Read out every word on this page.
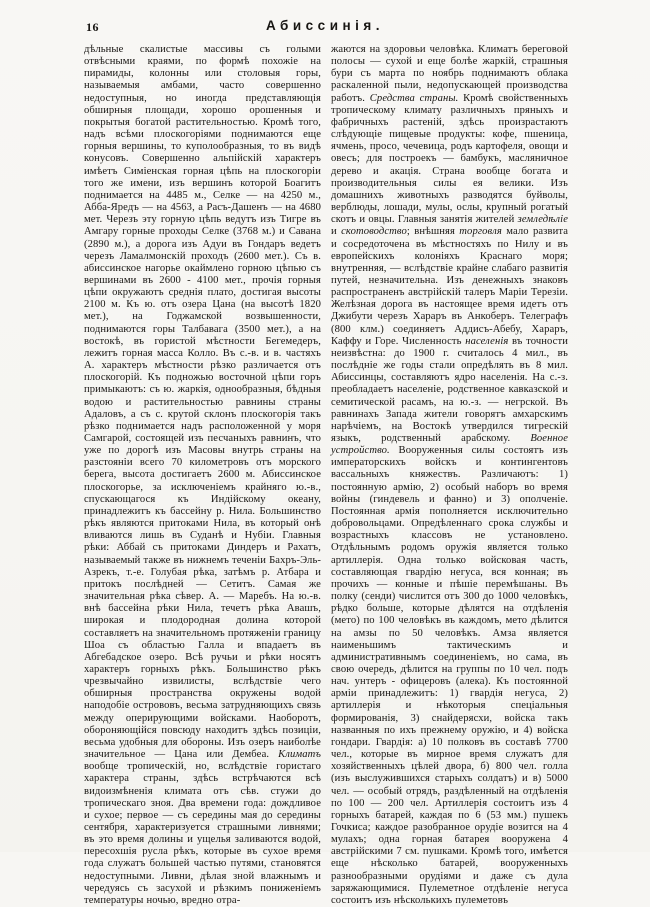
16	Абиссинія.
дѣльные скалистые массивы съ голыми отвѣсными краями, по формѣ похожіе на пирамиды, колонны или столовыя горы, называемыя амбами, часто совершенно недоступныя, но иногда представляющія обширныя площади, хорошо орошенныя и покрытыя богатой растительностью. Кромѣ того, надъ всѣми плоскогоріями поднимаются еще горныя вершины, то куполообразныя, то въ видѣ конусовъ. Совершенно альпійскій характеръ имѣетъ Симіенская горная цѣпь на плоскогоріи того же имени, изъ вершинъ которой Боагитъ поднимается на 4485 м., Селке — на 4250 м., Абба-Яредъ — на 4563, а Расъ-Дашенъ — на 4680 мет. Черезъ эту горную цѣпь ведутъ изъ Тигре въ Амгару горные проходы Селке (3768 м.) и Савана (2890 м.), а дорога изъ Адуи въ Гондаръ ведетъ черезъ Ламалмонскій проходъ (2600 мет.). Съ в. абиссинское нагорье окаймлено горною цѣпью съ вершинами въ 2600 - 4100 мет., прочія горныя цѣпи окружаютъ среднія плато, достигая высоты 2100 м. Къ ю. отъ озера Цана (на высотѣ 1820 мет.), на Годжамской возвышенности, поднимаются горы Талбавага (3500 мет.), а на востокѣ, въ гористой мѣстности Бегемедеръ, лежитъ горная масса Колло. Въ с.-в. и в. частяхъ А. характеръ мѣстности рѣзко различается отъ плоскогорій. Къ подножью восточной цѣпи горъ примыкаютъ: съ ю. жаркія, однообразныя, бѣдныя водою и растительностью равнины страны Адаловъ, а съ с. крутой склонъ плоскогорія такъ рѣзко поднимается надъ расположенной у моря Самгарой, состоящей изъ песчаныхъ равнинъ, что уже по дорогѣ изъ Масовы внутрь страны на разстояніи всего 70 километровъ отъ морского берега, высота достигаетъ 2600 м. Абиссинское плоскогорье, за исключеніемъ крайняго ю.-в., спускающагося къ Индійскому океану, принадлежитъ къ бассейну р. Нила. Большинство рѣкъ являются притоками Нила, въ который онѣ вливаются лишь въ Суданѣ и Нубіи. Главныя рѣки: Аббай съ притоками Диндеръ и Рахатъ, называемый также въ нижнемъ теченіи Бахръ-Эль-Азрекъ, т.-е. Голубая рѣка, затѣмъ р. Атбара и притокъ послѣдней — Сетитъ. Самая же значительная рѣка сѣвер. А. — Маребъ. На ю.-в. внѣ бассейна рѣки Нила, течетъ рѣка Авашъ, широкая и плодородная долина которой составляетъ на значительномъ протяженіи границу Шоа съ областью Галла и впадаетъ въ Абгебадское озеро. Всѣ ручьи и рѣки носятъ характеръ горныхъ рѣкъ. Большинство рѣкъ чрезвычайно извилисты, вслѣдствіе чего обширныя пространства окружены водой наподобіе острововъ, весьма затрудняющихъ связь между оперирующими войсками. Наоборотъ, обороняющійся повсюду находитъ здѣсь позиціи, весьма удобныя для обороны. Изъ озеръ наиболѣе значительное — Цана или Дембеа. Климатъ вообще тропическій, но, вслѣдствіе гористаго характера страны, здѣсь встрѣчаются всѣ видоизмѣненія климата отъ сѣв. стужи до тропическаго зноя. Два времени года: дождливое и сухое; первое — съ середины мая до середины сентября, характеризуется страшными ливнями; въ это время долины и ущелья заливаются водой, пересохшія русла рѣкъ, которые въ сухое время года служатъ большей частью путями, становятся недоступными. Ливни, дѣлая зной влажнымъ и чередуясь съ засухой и рѣзкимъ пониженіемъ температуры ночью, вредно отра-
жаются на здоровьи человѣка. Климатъ береговой полосы — сухой и еще болѣе жаркій, страшныя бури съ марта по ноябрь поднимаютъ облака раскаленной пыли, недопускающей производства работъ. Средства страны. Кромѣ свойственныхъ тропическому климату различныхъ пряныхъ и фабричныхъ растеній, здѣсь произрастаютъ слѣдующіе пищевые продукты: кофе, пшеница, ячмень, просо, чечевица, родъ картофеля, овощи и овесъ; для построекъ — бамбукъ, масляничное дерево и акація. Страна вообще богата и производительныя силы ея велики. Изъ домашнихъ животныхъ разводятся буйволы, верблюды, лошади, мулы, ослы, крупный рогатый скотъ и овцы. Главныя занятія жителей земледѣліе и скотоводство; внѣшняя торговля мало развита и сосредоточена въ мѣстностяхъ по Нилу и въ европейскихъ колоніяхъ Краснаго моря; внутренняя, — вслѣдствіе крайне слабаго развитія путей, незначительна. Изъ денежныхъ знаковъ распространенъ австрійскій талеръ Маріи Терезіи. Желѣзная дорога въ настоящее время идетъ отъ Джибути черезъ Хараръ въ Анкоберъ. Телеграфъ (800 клм.) соединяетъ Аддисъ-Абебу, Хараръ, Каффу и Горе. Численность населенія въ точности неизвѣстна: до 1900 г. считалось 4 мил., въ послѣдніе же годы стали опредѣлять въ 8 мил. Абиссинцы, составляютъ ядро населенія. На с.-з. преобладаетъ населеніе, родственное кавказской и семитической расамъ, на ю.-з. — негрской. Въ равнинахъ Запада жители говорятъ амхарскимъ нарѣчіемъ, на Востокѣ утвердился тигрескій языкъ, родственный арабскому. Военное устройство. Вооруженныя силы состоятъ изъ императорскихъ войскъ и контингентовъ вассальныхъ княжествъ. Различаютъ: 1) постоянную армію, 2) особый наборъ во время войны (гиндевель и фанно) и 3) ополченіе. Постоянная армія пополняется исключительно добровольцами. Опредѣленнаго срока службы и возрастныхъ классовъ не установлено. Отдѣльнымъ родомъ оружія является только артиллерія. Одна только войсковая часть, составляющая гвардію негуса, вся конная; въ прочихъ — конные и пѣшіе перемѣшаны. Въ полку (сенди) числится отъ 300 до 1000 человѣкъ, рѣдко больше, которые дѣлятся на отдѣленія (мето) по 100 человѣкъ въ каждомъ, мето дѣлится на амзы по 50 человѣкъ. Амза является наименьшимъ тактическимъ и административнымъ соединеніемъ, но сама, въ свою очередь, дѣлится на группы по 10 чел. подъ нач. унтеръ - офицеровъ (алека). Къ постоянной арміи принадлежитъ: 1) гвардія негуса, 2) артиллерія и нѣкоторыя спеціальныя формированія, 3) снайдерясхи, войска такъ названныя по ихъ прежнему оружію, и 4) войска гондари. Гвардія: а) 10 полковъ въ составѣ 7700 чел., которые въ мирное время служатъ для хозяйственныхъ цѣлей двора, б) 800 чел. голла (изъ выслужившихся старыхъ солдатъ) и в) 5000 чел. — особый отрядъ, раздѣленный на отдѣленія по 100 — 200 чел. Артиллерія состоитъ изъ 4 горныхъ батарей, каждая по 6 (53 мм.) пушекъ Гочкиса; каждое разобранное орудіе возится на 4 мулахъ; одна горная батарея вооружена 4 австрійскими 7 см. пушками. Кромѣ того, имѣется еще нѣсколько батарей, вооруженныхъ разнообразными орудіями и даже съ дула заряжающимися. Пулеметное отдѣленіе негуса состоитъ изъ нѣсколькихъ пулеметовъ
